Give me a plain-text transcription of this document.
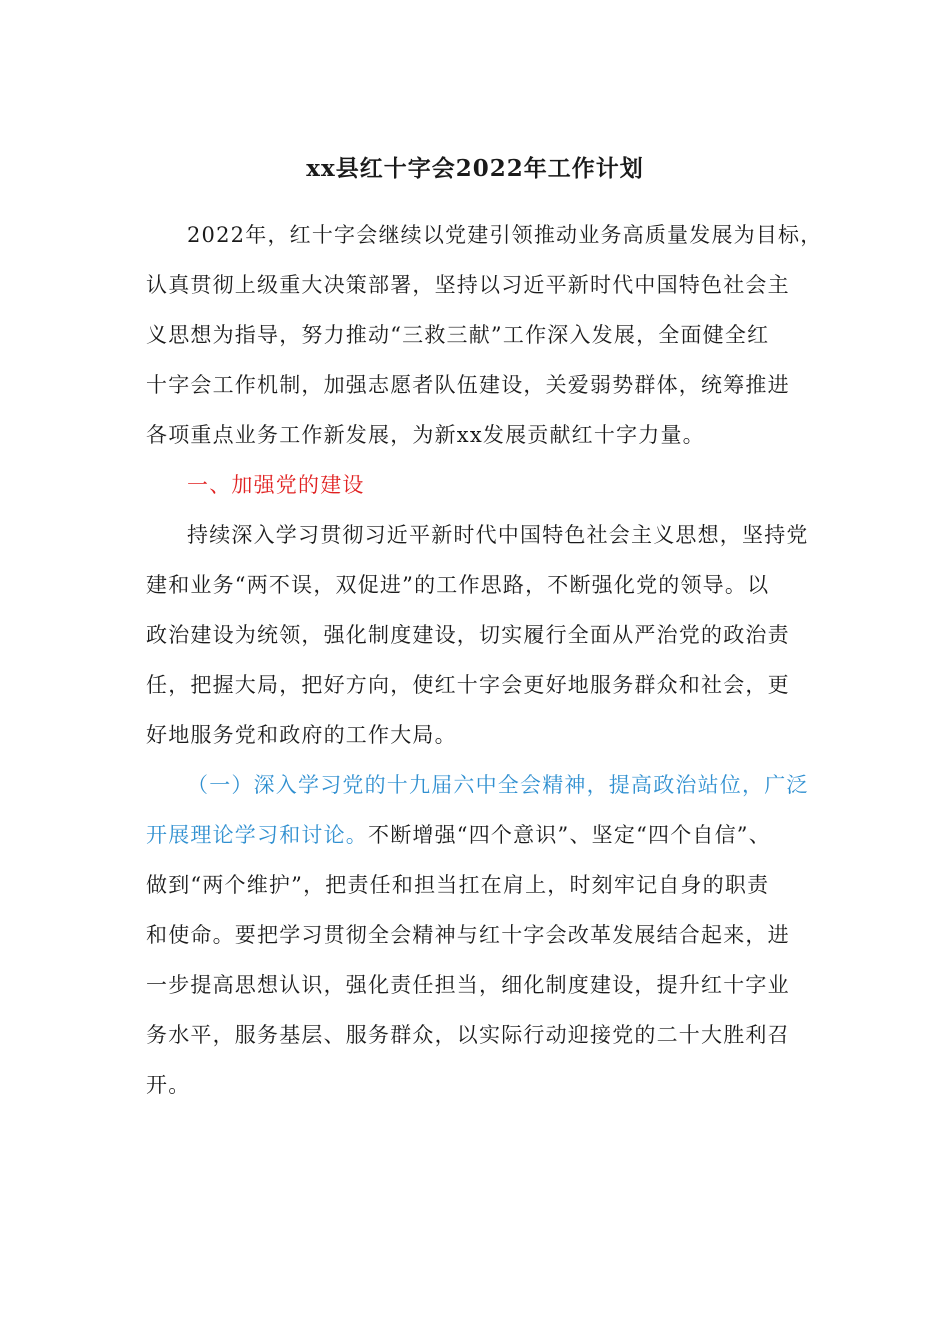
xx县红十字会2022年工作计划
2022年，红十字会继续以党建引领推动业务高质量发展为目标，
认真贯彻上级重大决策部署，坚持以习近平新时代中国特色社会主
义思想为指导，努力推动“三救三献”工作深入发展，全面健全红
十字会工作机制，加强志愿者队伍建设，关爱弱势群体，统筹推进
各项重点业务工作新发展，为新xx发展贡献红十字力量。
一、加强党的建设
持续深入学习贯彻习近平新时代中国特色社会主义思想，坚持党
建和业务“两不误，双促进”的工作思路，不断强化党的领导。以
政治建设为统领，强化制度建设，切实履行全面从严治党的政治责
任，把握大局，把好方向，使红十字会更好地服务群众和社会，更
好地服务党和政府的工作大局。
（一）深入学习党的十九届六中全会精神，提高政治站位，广泛
开展理论学习和讨论。不断增强“四个意识”、坚定“四个自信”、
做到“两个维护”，把责任和担当扛在肩上，时刻牢记自身的职责
和使命。要把学习贯彻全会精神与红十字会改革发展结合起来，进
一步提高思想认识，强化责任担当，细化制度建设，提升红十字业
务水平，服务基层、服务群众，以实际行动迎接党的二十大胜利召
开。
